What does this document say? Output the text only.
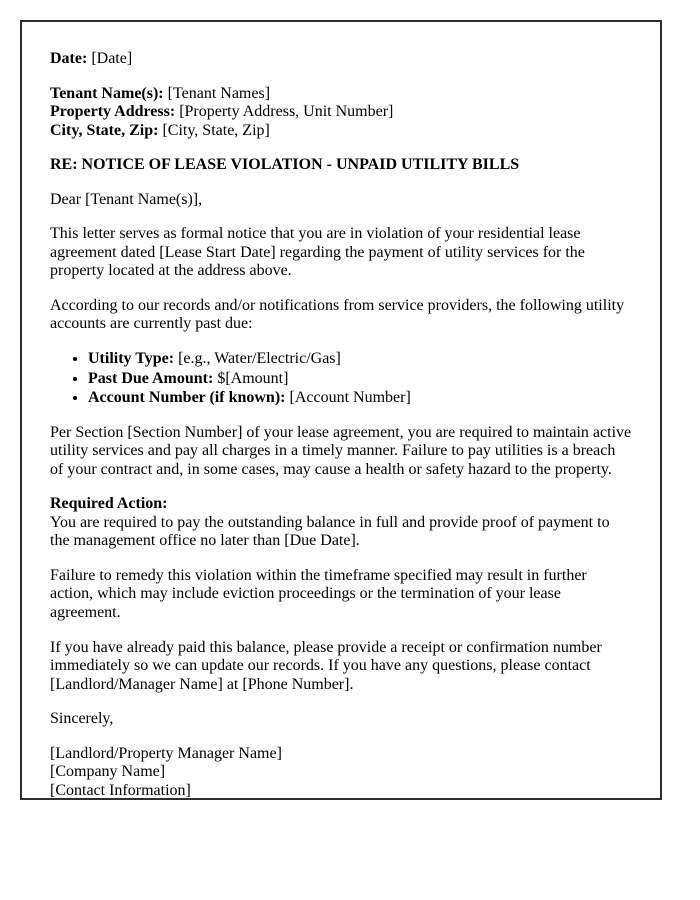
Date: [Date]

Tenant Name(s): [Tenant Names]
Property Address: [Property Address, Unit Number]
City, State, Zip: [City, State, Zip]

RE: NOTICE OF LEASE VIOLATION - UNPAID UTILITY BILLS

Dear [Tenant Name(s)],

This letter serves as formal notice that you are in violation of your residential lease agreement dated [Lease Start Date] regarding the payment of utility services for the property located at the address above.

According to our records and/or notifications from service providers, the following utility accounts are currently past due:

• Utility Type: [e.g., Water/Electric/Gas]
• Past Due Amount: $[Amount]
• Account Number (if known): [Account Number]

Per Section [Section Number] of your lease agreement, you are required to maintain active utility services and pay all charges in a timely manner. Failure to pay utilities is a breach of your contract and, in some cases, may cause a health or safety hazard to the property.

Required Action:
You are required to pay the outstanding balance in full and provide proof of payment to the management office no later than [Due Date].

Failure to remedy this violation within the timeframe specified may result in further action, which may include eviction proceedings or the termination of your lease agreement.

If you have already paid this balance, please provide a receipt or confirmation number immediately so we can update our records. If you have any questions, please contact [Landlord/Manager Name] at [Phone Number].

Sincerely,

[Landlord/Property Manager Name]
[Company Name]
[Contact Information]
